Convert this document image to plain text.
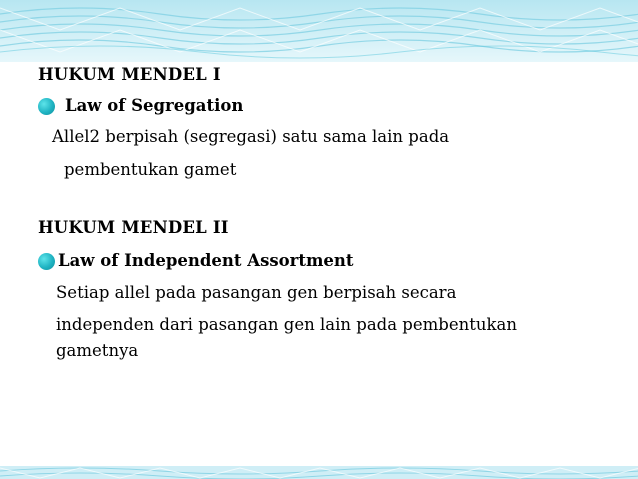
HUKUM MENDEL I
Law of Segregation
Allel2 berpisah (segregasi) satu sama lain pada
pembentukan gamet
HUKUM MENDEL II
Law of Independent Assortment
Setiap allel pada pasangan gen berpisah secara
independen dari pasangan gen lain pada pembentukan
gametnya
